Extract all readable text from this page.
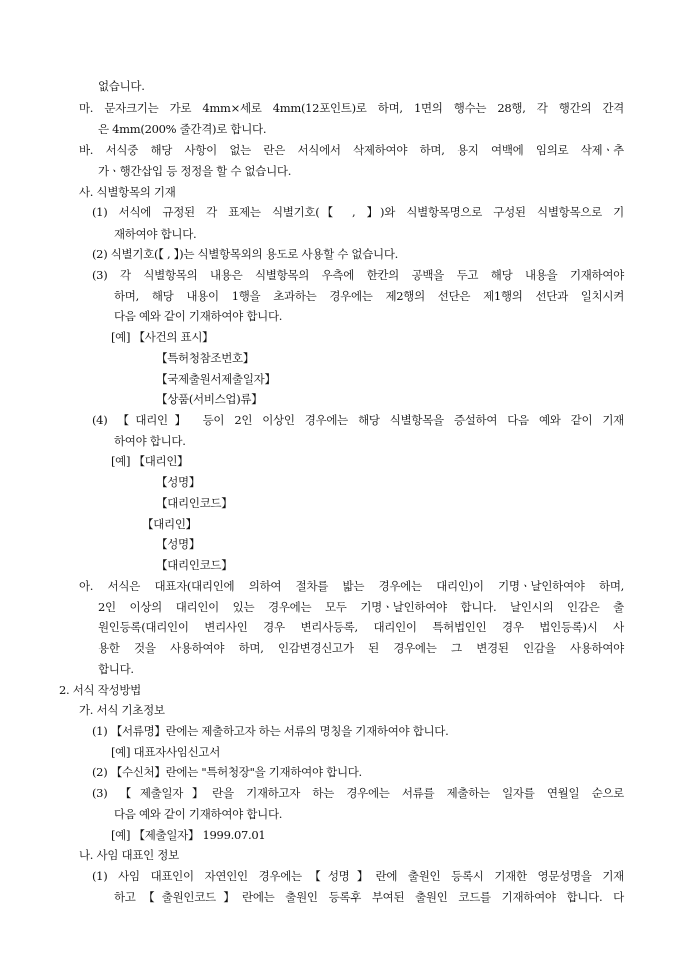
없습니다.
마. 문자크기는 가로 4mm×세로 4mm(12포인트)로 하며, 1면의 행수는 28행, 각 행간의 간격
은 4mm(200% 줄간격)로 합니다.
바. 서식중 해당 사항이 없는 란은 서식에서 삭제하여야 하며, 용지 여백에 임의로 삭제ㆍ추
가ㆍ행간삽입 등 정정을 할 수 없습니다.
사. 식별항목의 기재
(1) 서식에 규정된 각 표제는 식별기호(【 , 】)와 식별항목명으로 구성된 식별항목으로 기
재하여야 합니다.
(2) 식별기호(【 , 】)는 식별항목외의 용도로 사용할 수 없습니다.
(3) 각 식별항목의 내용은 식별항목의 우측에 한칸의 공백을 두고 해당 내용을 기재하여야
하며, 해당 내용이 1행을 초과하는 경우에는 제2행의 선단은 제1행의 선단과 일치시켜
다음 예와 같이 기재하여야 합니다.
[예] 【사건의 표시】
【특허청참조번호】
【국제출원서제출일자】
【상품(서비스업)류】
(4) 【대리인】 등이 2인 이상인 경우에는 해당 식별항목을 증설하여 다음 예와 같이 기재
하여야 합니다.
[예] 【대리인】
【성명】
【대리인코드】
【대리인】
【성명】
【대리인코드】
아. 서식은 대표자(대리인에 의하여 절차를 밟는 경우에는 대리인)이 기명ㆍ날인하여야 하며,
2인 이상의 대리인이 있는 경우에는 모두 기명ㆍ날인하여야 합니다. 날인시의 인감은 출
원인등록(대리인이 변리사인 경우 변리사등록, 대리인이 특허법인인 경우 법인등록)시 사
용한 것을 사용하여야 하며, 인감변경신고가 된 경우에는 그 변경된 인감을 사용하여야
합니다.
2. 서식 작성방법
가. 서식 기초정보
(1) 【서류명】란에는 제출하고자 하는 서류의 명칭을 기재하여야 합니다.
[예] 대표자사임신고서
(2) 【수신처】란에는 "특허청장"을 기재하여야 합니다.
(3) 【제출일자】란을 기재하고자 하는 경우에는 서류를 제출하는 일자를 연월일 순으로
다음 예와 같이 기재하여야 합니다.
[예] 【제출일자】 1999.07.01
나. 사임 대표인 정보
(1) 사임 대표인이 자연인인 경우에는【성명】란에 출원인 등록시 기재한 영문성명을 기재
하고【출원인코드】란에는 출원인 등록후 부여된 출원인 코드를 기재하여야 합니다. 다
